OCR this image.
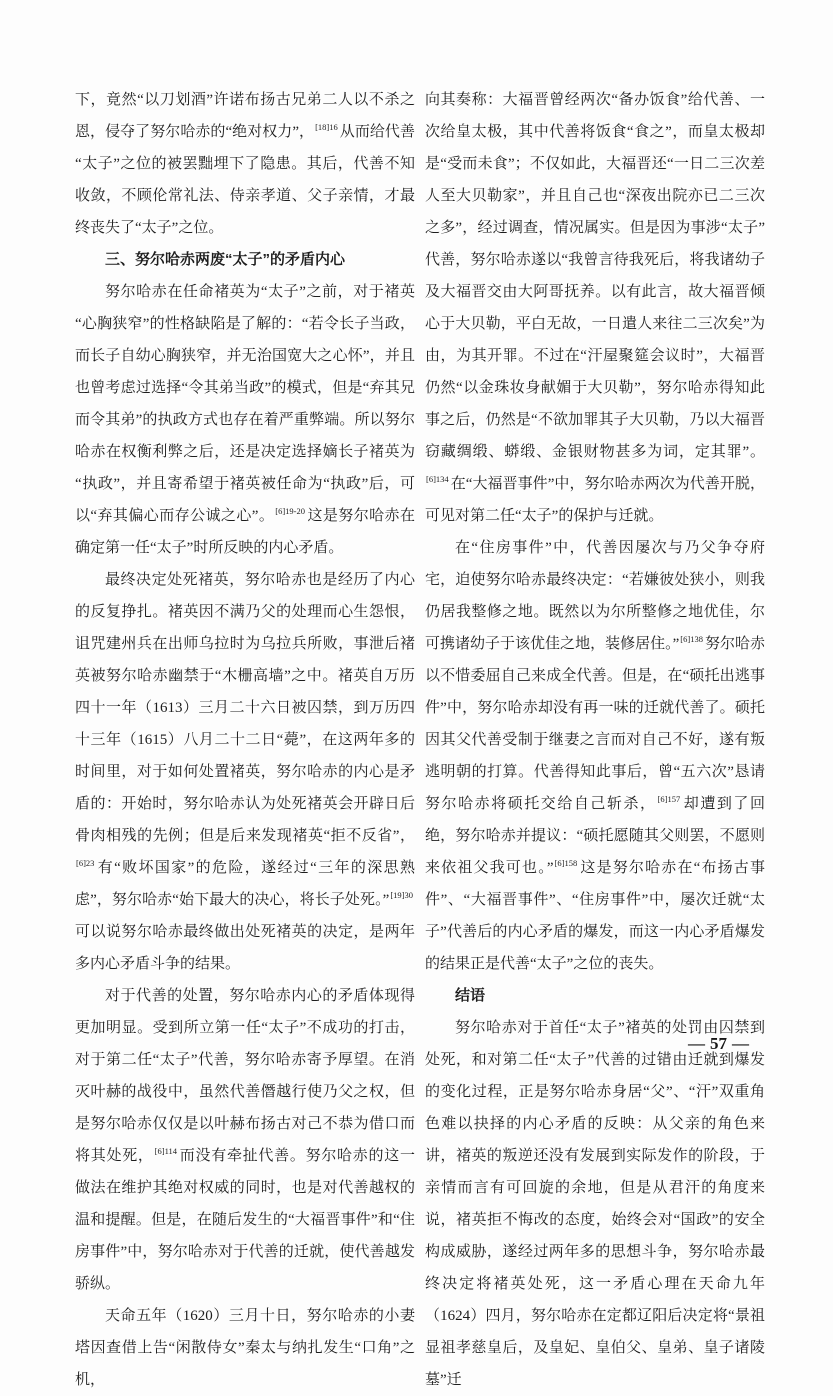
下，竟然“以刀划酒”许诺布扬古兄弟二人以不杀之恩，侵夺了努尔哈赤的“绝对权力”，$^{[18]16}$ 从而给代善“太子”之位的被罢黜埋下了隐患。其后，代善不知收敛，不顾伦常礼法、侍亲孝道、父子亲情，才最终丧失了“太子”之位。

三、努尔哈赤两废“太子”的矛盾内心

努尔哈赤在任命褚英为“太子”之前，对于褚英“心胸狭窄”的性格缺陷是了解的：“若令长子当政，而长子自幼心胸狭窄，并无治国宽大之心怀”，并且也曾考虑过选择“令其弟当政”的模式，但是“弃其兄而令其弟”的执政方式也存在着严重弊端。所以努尔哈赤在权衡利弊之后，还是决定选择嫡长子褚英为“执政”，并且寄希望于褚英被任命为“执政”后，可以“弃其偏心而存公诚之心”。$^{[6]19-20}$ 这是努尔哈赤在确定第一任“太子”时所反映的内心矛盾。

最终决定处死褚英，努尔哈赤也是经历了内心的反复挣扎。褚英因不满乃父的处理而心生怨恨，诅咒建州兵在出师乌拉时为乌拉兵所败，事泄后褚英被努尔哈赤幽禁于“木栅高墙”之中。褚英自万历四十一年（1613）三月二十六日被囚禁，到万历四十三年（1615）八月二十二日“薨”，在这两年多的时间里，对于如何处置褚英，努尔哈赤的内心是矛盾的：开始时，努尔哈赤认为处死褚英会开辟日后骨肉相残的先例；但是后来发现褚英“拒不反省”，$^{[6]23}$ 有“败坏国家”的危险，遂经过“三年的深思熟虑”，努尔哈赤“始下最大的决心，将长子处死。”$^{[19]30}$可以说努尔哈赤最终做出处死褚英的决定，是两年多内心矛盾斗争的结果。

对于代善的处置，努尔哈赤内心的矛盾体现得更加明显。受到所立第一任“太子”不成功的打击，对于第二任“太子”代善，努尔哈赤寄予厚望。在消灭叶赫的战役中，虽然代善僭越行使乃父之权，但是努尔哈赤仅仅是以叶赫布扬古对己不恭为借口而将其处死，$^{[6]114}$ 而没有牵扯代善。努尔哈赤的这一做法在维护其绝对权威的同时，也是对代善越权的温和提醒。但是，在随后发生的“大福晋事件”和“住房事件”中，努尔哈赤对于代善的迁就，使代善越发骄纵。

天命五年（1620）三月十日，努尔哈赤的小妻塔因查借上告“闲散侍女”秦太与纳扎发生“口角”之机，

向其奏称：大福晋曾经两次“备办饭食”给代善、一次给皇太极，其中代善将饭食“食之”，而皇太极却是“受而未食”；不仅如此，大福晋还“一日二三次差人至大贝勒家”，并且自己也“深夜出院亦已二三次之多”，经过调查，情况属实。但是因为事涉“太子”代善，努尔哈赤遂以“我曾言待我死后，将我诸幼子及大福晋交由大阿哥抚养。以有此言，故大福晋倾心于大贝勒，平白无故，一日遣人来往二三次矣”为由，为其开罪。不过在“汗屋聚筵会议时”，大福晋仍然“以金珠妆身献媚于大贝勒”，努尔哈赤得知此事之后，仍然是“不欲加罪其子大贝勒，乃以大福晋窃藏绸缎、蟒缎、金银财物甚多为词，定其罪”。$^{[6]134}$ 在“大福晋事件”中，努尔哈赤两次为代善开脱，可见对第二任“太子”的保护与迁就。

在“住房事件”中，代善因屡次与乃父争夺府宅，迫使努尔哈赤最终决定：“若嫌彼处狭小，则我仍居我整修之地。既然以为尔所整修之地优佳，尔可携诸幼子于该优佳之地，装修居住。”$^{[6]138}$ 努尔哈赤以不惜委屈自己来成全代善。但是，在“硕托出逃事件”中，努尔哈赤却没有再一味的迁就代善了。硕托因其父代善受制于继妻之言而对自己不好，遂有叛逃明朝的打算。代善得知此事后，曾“五六次”恳请努尔哈赤将硕托交给自己斩杀，$^{[6]157}$ 却遭到了回绝，努尔哈赤并提议：“硕托愿随其父则罢，不愿则来依祖父我可也。”$^{[6]158}$ 这是努尔哈赤在“布扬古事件”、“大福晋事件”、“住房事件”中，屡次迁就“太子”代善后的内心矛盾的爆发，而这一内心矛盾爆发的结果正是代善“太子”之位的丧失。

结语

努尔哈赤对于首任“太子”褚英的处罚由囚禁到处死，和对第二任“太子”代善的过错由迁就到爆发的变化过程，正是努尔哈赤身居“父”、“汗”双重角色难以抉择的内心矛盾的反映：从父亲的角色来讲，褚英的叛逆还没有发展到实际发作的阶段，于亲情而言有可回旋的余地，但是从君汗的角度来说，褚英拒不悔改的态度，始终会对“国政”的安全构成威胁，遂经过两年多的思想斗争，努尔哈赤最终决定将褚英处死，这一矛盾心理在天命九年（1624）四月，努尔哈赤在定都辽阳后决定将“景祖显祖孝慈皇后，及皇妃、皇伯父、皇弟、皇子诸陵墓”迁

— 57 —
